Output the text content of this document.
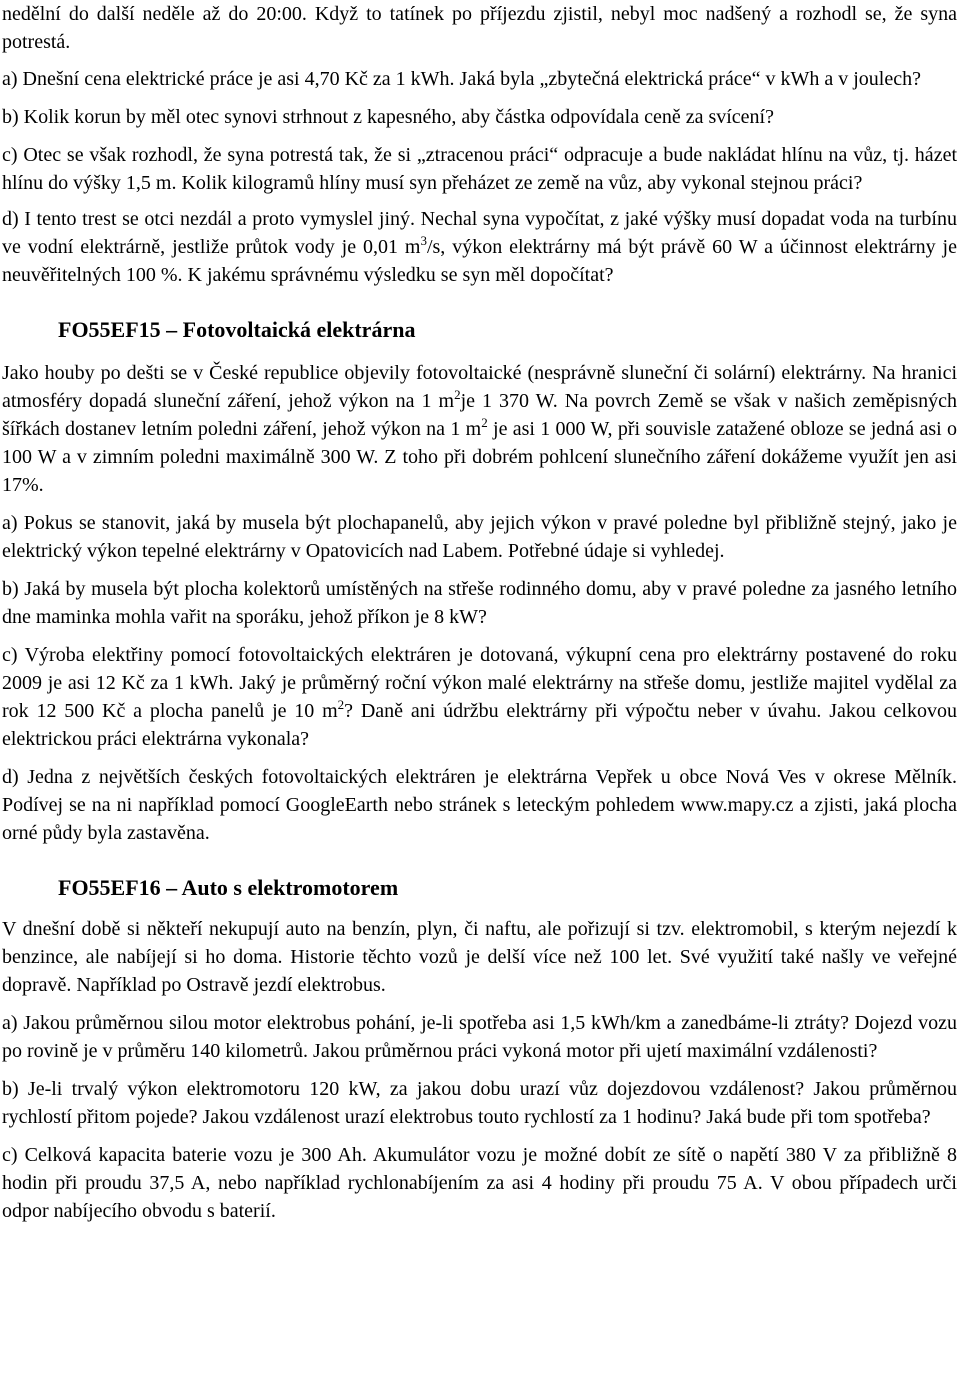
nedělní do další neděle až do 20:00. Když to tatínek po příjezdu zjistil, nebyl moc nadšený a rozhodl se, že syna potrestá.

a) Dnešní cena elektrické práce je asi 4,70 Kč za 1 kWh. Jaká byla „zbytečná elektrická práce“ v kWh a v joulech?

b) Kolik korun by měl otec synovi strhnout z kapesného, aby částka odpovídala ceně za svícení?

c) Otec se však rozhodl, že syna potrestá tak, že si „ztracenou práci“ odpracuje a bude nakládat hlínu na vůz, tj. házet hlínu do výšky 1,5 m. Kolik kilogramů hlíny musí syn přeházet ze země na vůz, aby vykonal stejnou práci?

d) I tento trest se otci nezdál a proto vymyslel jiný. Nechal syna vypočítat, z jaké výšky musí dopadat voda na turbínu ve vodní elektrárně, jestliže průtok vody je 0,01 $m^3/s$, výkon elektrárny má být právě 60 W a účinnost elektrárny je neuvěřitelných 100 %. K jakému správnému výsledku se syn měl dopočítat?

FO55EF15 – Fotovoltaická elektrárna

Jako houby po dešti se v České republice objevily fotovoltaické (nesprávně sluneční či solární) elektrárny. Na hranici atmosféry dopadá sluneční záření, jehož výkon na 1 $m^2je$ 1 370 W. Na povrch Země se však v našich zeměpisných šířkách dostanev letním poledni záření, jehož výkon na 1 $m^2$ je asi 1 000 W, při souvisle zatažené obloze se jedná asi o 100 W a v zimním poledni maximálně 300 W. Z toho při dobrém pohlcení slunečního záření dokážeme využít jen asi 17%.

a) Pokus se stanovit, jaká by musela být plochapanelů, aby jejich výkon v pravé poledne byl přibližně stejný, jako je elektrický výkon tepelné elektrárny v Opatovicích nad Labem. Potřebné údaje si vyhledej.

b) Jaká by musela být plocha kolektorů umístěných na střeše rodinného domu, aby v pravé poledne za jasného letního dne maminka mohla vařit na sporáku, jehož příkon je 8 kW?

c) Výroba elektřiny pomocí fotovoltaických elektráren je dotovaná, výkupní cena pro elektrárny postavené do roku 2009 je asi 12 Kč za 1 kWh. Jaký je průměrný roční výkon malé elektrárny na střeše domu, jestliže majitel vydělal za rok 12 500 Kč a plocha panelů je 10 $m^2$? Daně ani údržbu elektrárny při výpočtu neber v úvahu. Jakou celkovou elektrickou práci elektrárna vykonala?

d) Jedna z největších českých fotovoltaických elektráren je elektrárna Vepřek u obce Nová Ves v okrese Mělník. Podívej se na ni například pomocí GoogleEarth nebo stránek s leteckým pohledem www.mapy.cz a zjisti, jaká plocha orné půdy byla zastavěna.

FO55EF16 – Auto s elektromotorem

V dnešní době si někteří nekupují auto na benzín, plyn, či naftu, ale pořizují si tzv. elektromobil, s kterým nejezdí k benzince, ale nabíjejí si ho doma. Historie těchto vozů je delší více než 100 let. Své využití také našly ve veřejné dopravě. Například po Ostravě jezdí elektrobus.

a) Jakou průměrnou silou motor elektrobus pohání, je-li spotřeba asi 1,5 kWh/km a zanedbáme-li ztráty? Dojezd vozu po rovině je v průměru 140 kilometrů. Jakou průměrnou práci vykoná motor při ujetí maximální vzdálenosti?

b) Je-li trvalý výkon elektromotoru 120 kW, za jakou dobu urazí vůz dojezdovou vzdálenost? Jakou průměrnou rychlostí přitom pojede? Jakou vzdálenost urazí elektrobus touto rychlostí za 1 hodinu? Jaká bude při tom spotřeba?

c) Celková kapacita baterie vozu je 300 Ah. Akumulátor vozu je možné dobít ze sítě o napětí 380 V za přibližně 8 hodin při proudu 37,5 A, nebo například rychlonabíjením za asi 4 hodiny při proudu 75 A. V obou případech urči odpor nabíjecího obvodu s baterií.
